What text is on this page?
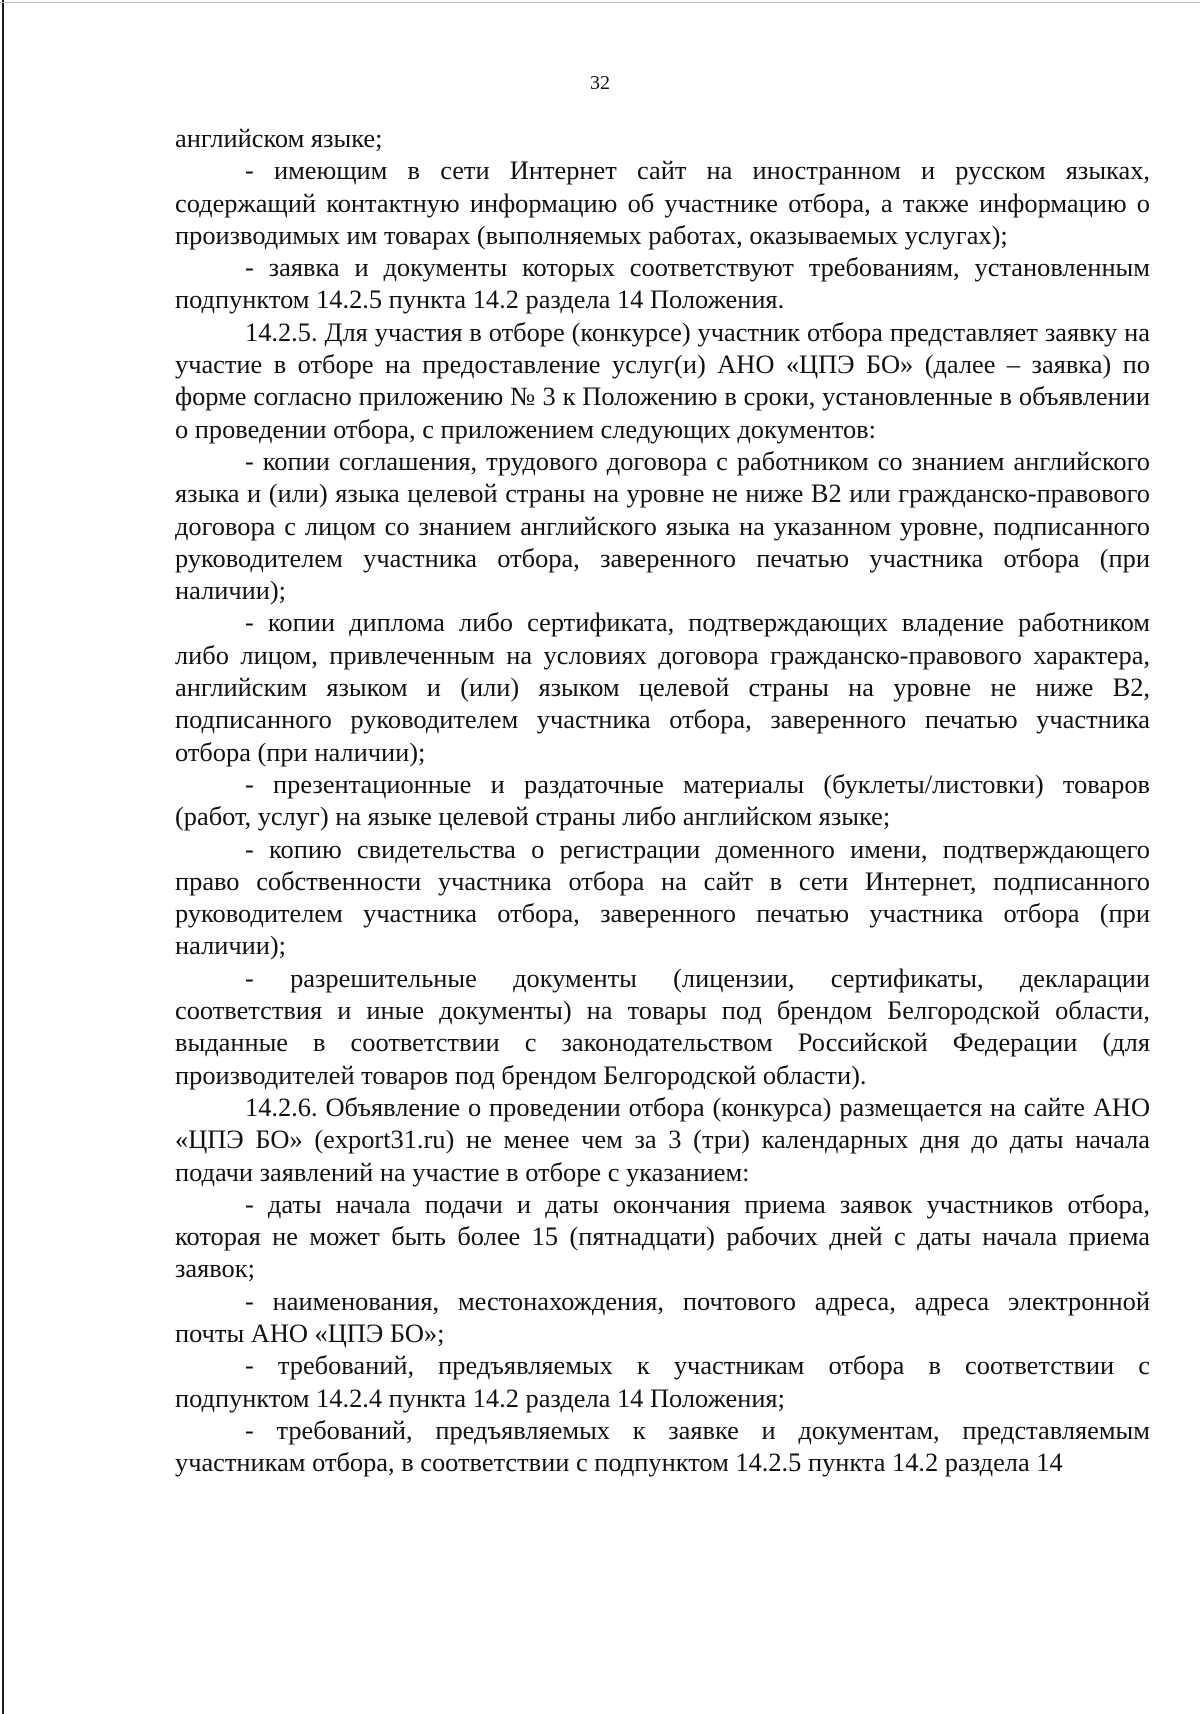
32

английском языке;

- имеющим в сети Интернет сайт на иностранном и русском языках, содержащий контактную информацию об участнике отбора, а также информацию о производимых им товарах (выполняемых работах, оказываемых услугах);

- заявка и документы которых соответствуют требованиям, установленным подпунктом 14.2.5 пункта 14.2 раздела 14 Положения.

14.2.5. Для участия в отборе (конкурсе) участник отбора представляет заявку на участие в отборе на предоставление услуг(и) АНО «ЦПЭ БО» (далее – заявка) по форме согласно приложению № 3 к Положению в сроки, установленные в объявлении о проведении отбора, с приложением следующих документов:

- копии соглашения, трудового договора с работником со знанием английского языка и (или) языка целевой страны на уровне не ниже В2 или гражданско-правового договора с лицом со знанием английского языка на указанном уровне, подписанного руководителем участника отбора, заверенного печатью участника отбора (при наличии);

- копии диплома либо сертификата, подтверждающих владение работником либо лицом, привлеченным на условиях договора гражданско-правового характера, английским языком и (или) языком целевой страны на уровне не ниже В2, подписанного руководителем участника отбора, заверенного печатью участника отбора (при наличии);

- презентационные и раздаточные материалы (буклеты/листовки) товаров (работ, услуг) на языке целевой страны либо английском языке;

- копию свидетельства о регистрации доменного имени, подтверждающего право собственности участника отбора на сайт в сети Интернет, подписанного руководителем участника отбора, заверенного печатью участника отбора (при наличии);

- разрешительные документы (лицензии, сертификаты, декларации соответствия и иные документы) на товары под брендом Белгородской области, выданные в соответствии с законодательством Российской Федерации (для производителей товаров под брендом Белгородской области).

14.2.6. Объявление о проведении отбора (конкурса) размещается на сайте АНО «ЦПЭ БО» (export31.ru) не менее чем за 3 (три) календарных дня до даты начала подачи заявлений на участие в отборе с указанием:

- даты начала подачи и даты окончания приема заявок участников отбора, которая не может быть более 15 (пятнадцати) рабочих дней с даты начала приема заявок;

- наименования, местонахождения, почтового адреса, адреса электронной почты АНО «ЦПЭ БО»;

- требований, предъявляемых к участникам отбора в соответствии с подпунктом 14.2.4 пункта 14.2 раздела 14 Положения;

- требований, предъявляемых к заявке и документам, представляемым участникам отбора, в соответствии с подпунктом 14.2.5 пункта 14.2 раздела 14
